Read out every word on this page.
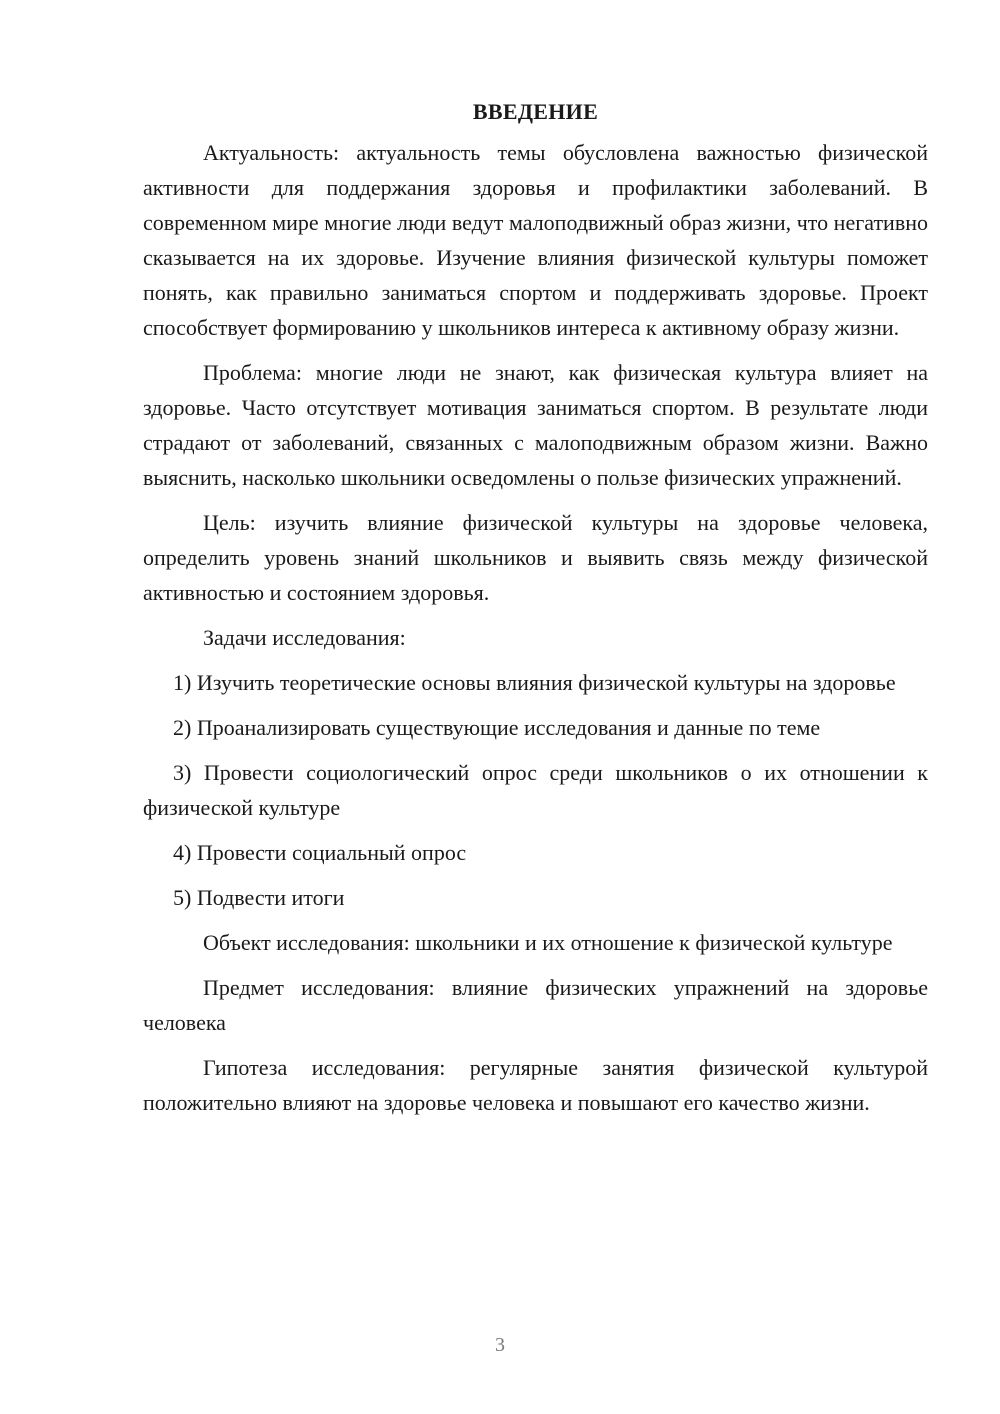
ВВЕДЕНИЕ

Актуальность: актуальность темы обусловлена важностью физической активности для поддержания здоровья и профилактики заболеваний. В современном мире многие люди ведут малоподвижный образ жизни, что негативно сказывается на их здоровье. Изучение влияния физической культуры поможет понять, как правильно заниматься спортом и поддерживать здоровье. Проект способствует формированию у школьников интереса к активному образу жизни.

Проблема: многие люди не знают, как физическая культура влияет на здоровье. Часто отсутствует мотивация заниматься спортом. В результате люди страдают от заболеваний, связанных с малоподвижным образом жизни. Важно выяснить, насколько школьники осведомлены о пользе физических упражнений.

Цель: изучить влияние физической культуры на здоровье человека, определить уровень знаний школьников и выявить связь между физической активностью и состоянием здоровья.

Задачи исследования:

1) Изучить теоретические основы влияния физической культуры на здоровье

2) Проанализировать существующие исследования и данные по теме

3) Провести социологический опрос среди школьников о их отношении к физической культуре

4) Провести социальный опрос

5) Подвести итоги

Объект исследования: школьники и их отношение к физической культуре

Предмет исследования: влияние физических упражнений на здоровье человека

Гипотеза исследования: регулярные занятия физической культурой положительно влияют на здоровье человека и повышают его качество жизни.

3
